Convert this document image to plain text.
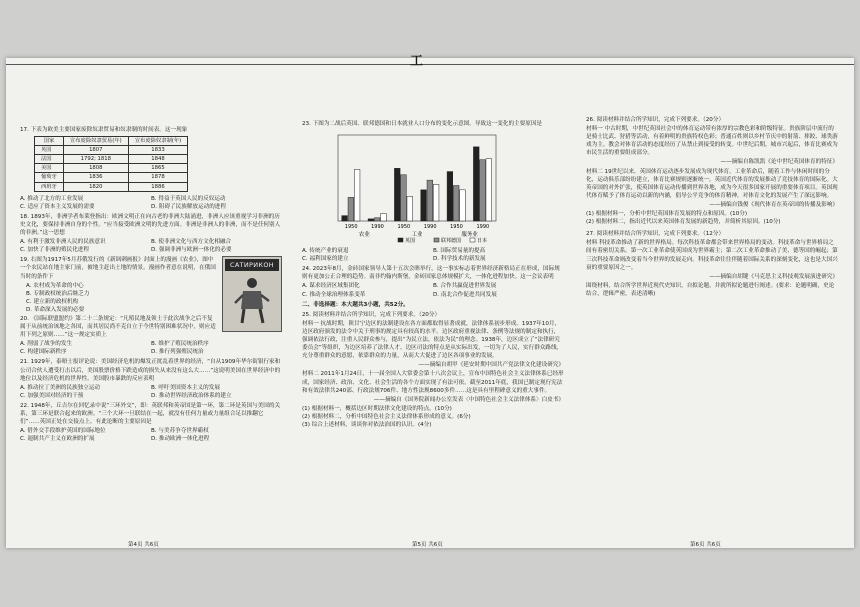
工
17. 下表为欧美主要国家废除奴隶贸易和奴隶制的时间表。这一现象
国家	宣布废除奴隶贸易(年)	宣布废除奴隶制(年)
英国	1807	1833
法国	1792; 1818	1848
美国	1808	1865
葡萄牙	1836	1878
西班牙	1820	1886
A. 推动了北方的工业发展	B. 得益于英国人民的反奴运动
C. 适应了资本主义发展的需要	D. 阻碍了民族解放运动的进程
18. 1893年，非洲学者布莱登指出：欧洲文明正在向古老的非洲大陆涌进，非洲人应该重视学习非洲的历史文化，要保持非洲自身的个性。“应当接受欧洲文明的先进方面。非洲是非洲人的非洲，而不是任何别人的非洲。”这一思想
A. 有利于激发非洲人民的民族意识	B. 使非洲文化与西方文化相融合
C. 加快了非洲的殖民化进程	D. 强调非洲与欧洲一体化的必要
САТИРИКОН
19. 右图为1917年5月苏俄发行的《新讽刺画报》封面上的漫画《农业》，图中一个农民站在地主家门前，被地主赶出土地的情景。漫画作者意在说明，在俄国当时的条件下
A. 农村成为革命的中心
B. 专制政权统治后继乏力
C. 建立新的政权机构
D. 革命深入发展的必要
20. 《国际联盟盟约》第二十二条规定：“凡殖民地及领土于此次战争之后不复属于从前统治该地之各国，而其居民尚不克自立于今世特别困难状况中，则应适用下列之原则……”这一规定实质上
A. 削弱了战争的发生	B. 维护了殖民统治秩序
C. 构建国际新秩序	D. 推行列强殖民统治
21. 1929年，泰晤士报评论说：美国经济危机的爆发正扰乱着世界的经济，“自从1909年华尔街银行家和公司合伙人遭受打击以后，美国股票价格下跌造成的损失从来没有这么大……”这说明美国在世界经济中的地位以及经济危机的世界性。美国股市暴跌的反应表明
A. 推动拉丁美洲的民族独立运动	B. 呼吁美国资本主义的发展
C. 加强美国对经济的干预	D. 推动世界经济政治体系的建立
22. 1948年，丘吉尔在回忆录中说“三环外交”，即：英联邦和英帝国是第一环，第二环是英国与美国的关系，第三环是联合起来的欧洲。“三个大环一旦联结在一起，就没有任何力量或力量组合足以推翻它们”……英国正处在交接点上。有此论断的主要原因是
A. 借外交手段维护英国的国际地位	B. 与美苏争夺世界霸权
C. 遏制共产主义在欧洲的扩展	D. 推动欧洲一体化进程
第4页 共6页
23. 下图为二战后英国、联邦德国和日本就业人口分布的变化示意图。导致这一变化的主要原因是
1950	1990	1950	1990	1950	1990
农业	工业	服务业
英国	联邦德国	日本
A. 传统产业的衰退	B. 国际贸易量的提高
C. 福利国家的建立	D. 科学技术的新发展
24. 2023年8月，金砖国家领导人第十五次会晤举行，这一事实标志着世界经济新格局正在形成，国际规则有更加公正合理的趋势。南非约翰内斯堡，金砖国家总体规模扩大，一体化进程加快。这一会议表明
A. 谋求经济区域集团化	B. 合作共赢促进世界发展
C. 推动全球治理体系变革	D. 南北合作促进共同发展
二、非选择题：本大题共3小题，共52分。
25. 阅读材料并结合所学知识，完成下列要求。（20分）
材料一 抗战时期，陕甘宁边区的法制建设在各方面都取得显著成就，法律体系初步形成。1937年10月，边区政府颁发的法令中关于刑事的规定具有较高的水平。边区政府重视法律、条例等法规的制定和执行，强调依法行政，注重人民群众参与，提出“为民立法，依法为民”的理念。1938年，边区成立了“法律研究委员会”等组织，为边区培养了法律人才。边区司法的特点是从实际出发，一切为了人民，实行群众路线，充分尊重群众的意愿，依靠群众的力量，从而大大促进了边区各项事业的发展。
——摘编自胡甲《延安时期中国共产党法律文化建设研究》
材料二 2011年1月24日，十一届全国人大常委会第十八次会议上，宣布中国特色社会主义法律体系已经形成，国家经济、政治、文化、社会生活的各个方面实现了有法可依。截至2011年底，我国已制定现行宪法和有效法律共240部、行政法规706件、地方性法规8600多件……这是具有里程碑意义的重大事件。
——摘编自《国务院新闻办公室发表〈中国特色社会主义法律体系〉白皮书》
(1) 根据材料一，概括边区时期法律文化建设的特点。(10分)
(2) 根据材料二，分析中国特色社会主义法律体系形成的意义。(6分)
(3) 综合上述材料，谈谈你对依法治国的认识。(4分)
第5页 共6页
26. 阅读材料并结合所学知识，完成下列要求。（20分）
材料一 中古时期，中世纪英国社会中的体育运动带有浓厚的宗教色彩和阶级特征。贵族阶层中流行的是骑士比武、狩猎等活动，有着鲜明的贵族特权色彩；普通百姓则以乡村节庆中的射箭、摔跤、球类游戏为主。教会对体育活动的态度经历了从禁止到接受的转变。中世纪后期，城市兴起后，体育比赛成为市民生活的重要组成部分。
——摘编自陈凯凯《论中世纪英国体育的特征》
材料二 19世纪以来，英国体育运动逐步发展成为现代体育。工业革命后，随着工作与休闲时间的分化，运动俱乐部纷纷建立，体育比赛规则逐渐统一。英国近代体育的发展推动了竞技体育的国际化。大英帝国的对外扩张，使英国体育运动传播到世界各地，成为今天很多国家开展的重要体育项目。英国现代体育赋予了体育运动以新的内涵，倡导公平竞争的体育精神，对体育文化的发展产生了深远影响。
——摘编自钱俊《现代体育在英帝国的传播及影响》
(1) 根据材料一，分析中世纪英国体育发展的特点和原因。(10分)
(2) 根据材料二，指出近代以来英国体育发展的新趋势，并简析其原因。(10分)
27. 阅读材料并结合所学知识，完成下列要求。（12分）
材料 科技革命推动了新的世界格局。每次科技革命都会带来世界格局的变动。科技革命与世界格局之间有着密切关系。第一次工业革命使英国成为世界霸主；第二次工业革命推动了美、德等国的崛起；第三次科技革命则改变着当今世界的发展走向。科技革命往往伴随着国际关系的深刻变化，这也是大国兴衰的重要原因之一。
——摘编自胡键《马克思主义科技观发展演进研究》
围绕材料，结合所学世界近现代史知识，自拟论题，并就所拟论题进行阐述。(要求：论题明确，史论结合，逻辑严密，表述清晰)
第6页 共6页
